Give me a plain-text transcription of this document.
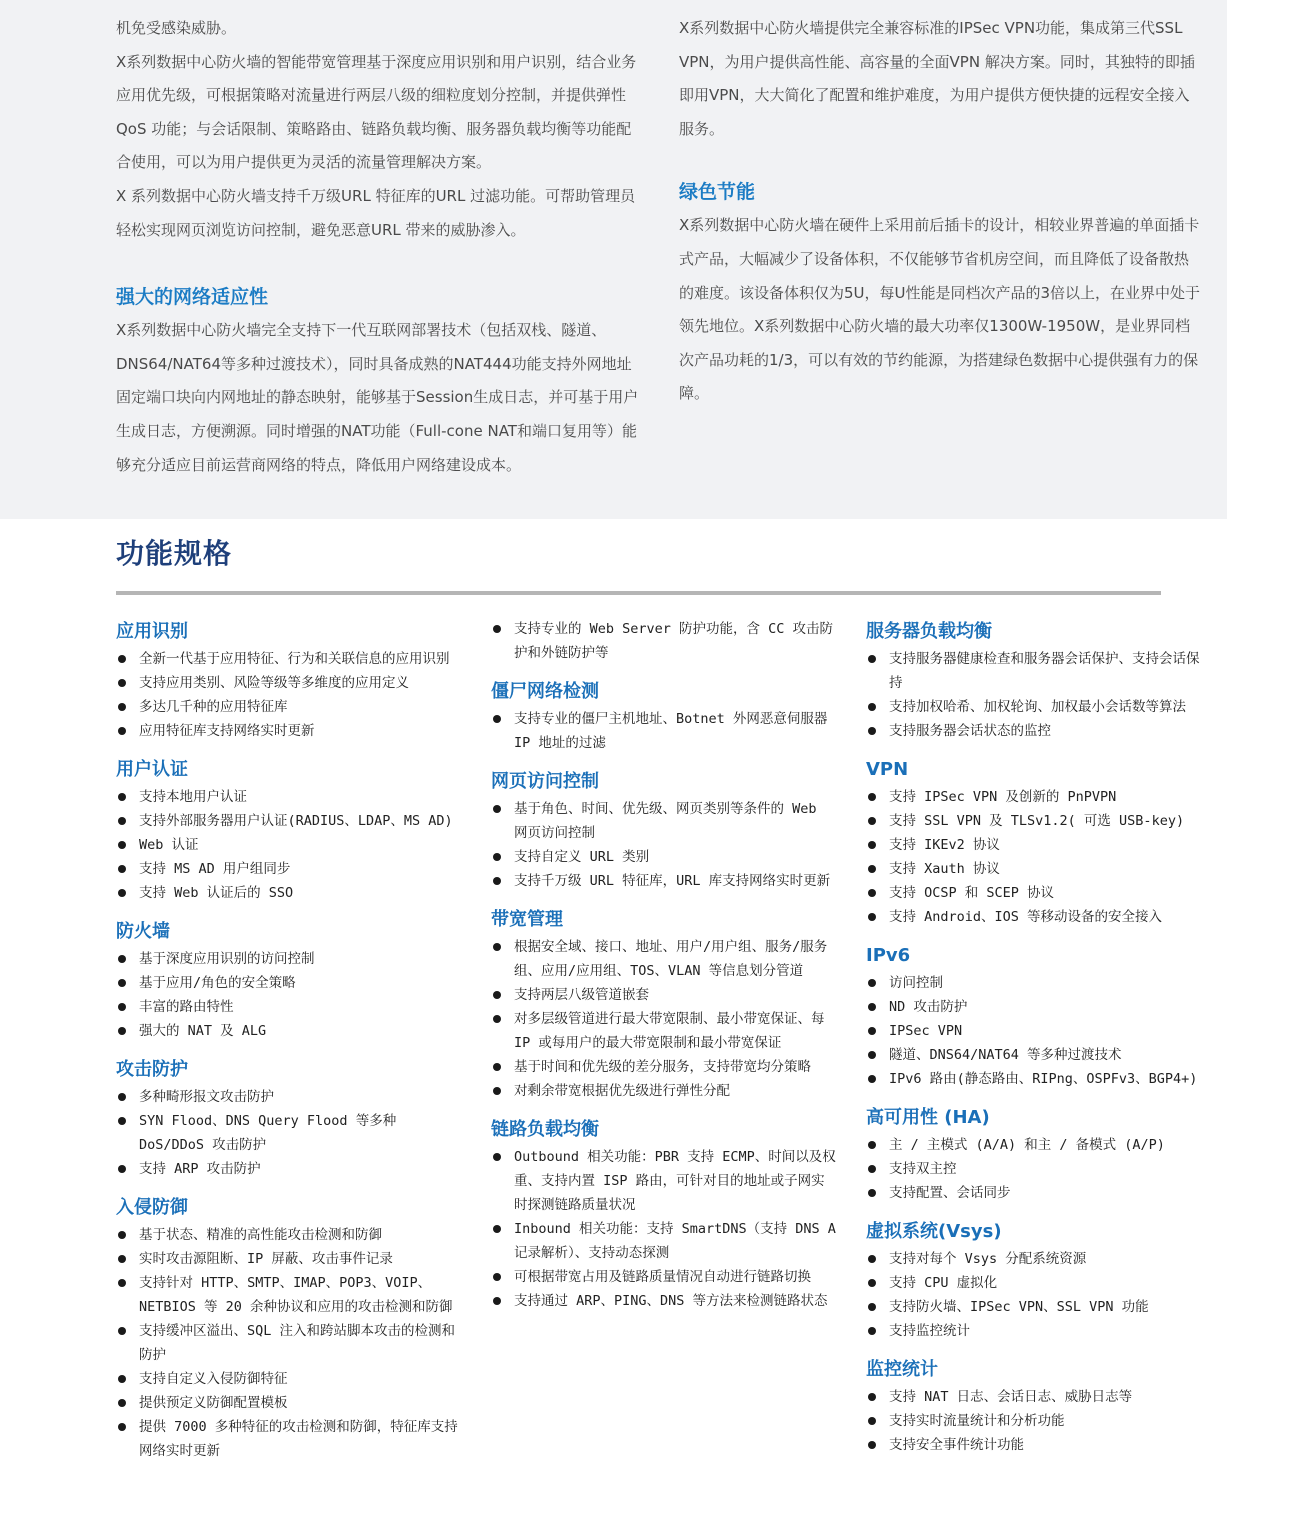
机免受感染威胁。

X系列数据中心防火墙的智能带宽管理基于深度应用识别和用户识别，结合业务应用优先级，可根据策略对流量进行两层八级的细粒度划分控制，并提供弹性QoS 功能；与会话限制、策略路由、链路负载均衡、服务器负载均衡等功能配合使用，可以为用户提供更为灵活的流量管理解决方案。

X 系列数据中心防火墙支持千万级URL 特征库的URL 过滤功能。可帮助管理员轻松实现网页浏览访问控制，避免恶意URL 带来的威胁渗入。

强大的网络适应性

X系列数据中心防火墙完全支持下一代互联网部署技术（包括双栈、隧道、DNS64/NAT64等多种过渡技术），同时具备成熟的NAT444功能支持外网地址固定端口块向内网地址的静态映射，能够基于Session生成日志，并可基于用户生成日志，方便溯源。同时增强的NAT功能（Full-cone NAT和端口复用等）能够充分适应目前运营商网络的特点，降低用户网络建设成本。

X系列数据中心防火墙提供完全兼容标准的IPSec VPN功能，集成第三代SSL VPN，为用户提供高性能、高容量的全面VPN 解决方案。同时，其独特的即插即用VPN，大大简化了配置和维护难度，为用户提供方便快捷的远程安全接入服务。

绿色节能

X系列数据中心防火墙在硬件上采用前后插卡的设计，相较业界普遍的单面插卡式产品，大幅减少了设备体积，不仅能够节省机房空间，而且降低了设备散热的难度。该设备体积仅为5U，每U性能是同档次产品的3倍以上，在业界中处于领先地位。X系列数据中心防火墙的最大功率仅1300W-1950W，是业界同档次产品功耗的1/3，可以有效的节约能源，为搭建绿色数据中心提供强有力的保障。

功能规格
应用识别
全新一代基于应用特征、行为和关联信息的应用识别
支持应用类别、风险等级等多维度的应用定义
多达几千种的应用特征库
应用特征库支持网络实时更新
用户认证
支持本地用户认证
支持外部服务器用户认证(RADIUS、LDAP、MS AD)
Web 认证
支持 MS AD 用户组同步
支持 Web 认证后的 SSO
防火墙
基于深度应用识别的访问控制
基于应用/角色的安全策略
丰富的路由特性
强大的 NAT 及 ALG
攻击防护
多种畸形报文攻击防护
SYN Flood、DNS Query Flood 等多种 DoS/DDoS 攻击防护
支持 ARP 攻击防护
入侵防御
基于状态、精准的高性能攻击检测和防御
实时攻击源阻断、IP 屏蔽、攻击事件记录
支持针对 HTTP、SMTP、IMAP、POP3、VOIP、NETBIOS 等 20 余种协议和应用的攻击检测和防御
支持缓冲区溢出、SQL 注入和跨站脚本攻击的检测和防护
支持自定义入侵防御特征
提供预定义防御配置模板
提供 7000 多种特征的攻击检测和防御，特征库支持网络实时更新
支持专业的 Web Server 防护功能，含 CC 攻击防护和外链防护等
僵尸网络检测
支持专业的僵尸主机地址、Botnet 外网恶意伺服器 IP 地址的过滤
网页访问控制
基于角色、时间、优先级、网页类别等条件的 Web 网页访问控制
支持自定义 URL 类别
支持千万级 URL 特征库，URL 库支持网络实时更新
带宽管理
根据安全域、接口、地址、用户/用户组、服务/服务组、应用/应用组、TOS、VLAN 等信息划分管道
支持两层八级管道嵌套
对多层级管道进行最大带宽限制、最小带宽保证、每 IP 或每用户的最大带宽限制和最小带宽保证
基于时间和优先级的差分服务，支持带宽均分策略
对剩余带宽根据优先级进行弹性分配
链路负载均衡
Outbound 相关功能：PBR 支持 ECMP、时间以及权重、支持内置 ISP 路由，可针对目的地址或子网实时探测链路质量状况
Inbound 相关功能：支持 SmartDNS（支持 DNS A 记录解析）、支持动态探测
可根据带宽占用及链路质量情况自动进行链路切换
支持通过 ARP、PING、DNS 等方法来检测链路状态
服务器负载均衡
支持服务器健康检查和服务器会话保护、支持会话保持
支持加权哈希、加权轮询、加权最小会话数等算法
支持服务器会话状态的监控
VPN
支持 IPSec VPN 及创新的 PnPVPN
支持 SSL VPN 及 TLSv1.2( 可选 USB-key)
支持 IKEv2 协议
支持 Xauth 协议
支持 OCSP 和 SCEP 协议
支持 Android、IOS 等移动设备的安全接入
IPv6
访问控制
ND 攻击防护
IPSec VPN
隧道、DNS64/NAT64 等多种过渡技术
IPv6 路由(静态路由、RIPng、OSPFv3、BGP4+)
高可用性 (HA)
主 / 主模式 (A/A) 和主 / 备模式 (A/P)
支持双主控
支持配置、会话同步
虚拟系统(Vsys)
支持对每个 Vsys 分配系统资源
支持 CPU 虚拟化
支持防火墙、IPSec VPN、SSL VPN 功能
支持监控统计
监控统计
支持 NAT 日志、会话日志、威胁日志等
支持实时流量统计和分析功能
支持安全事件统计功能
